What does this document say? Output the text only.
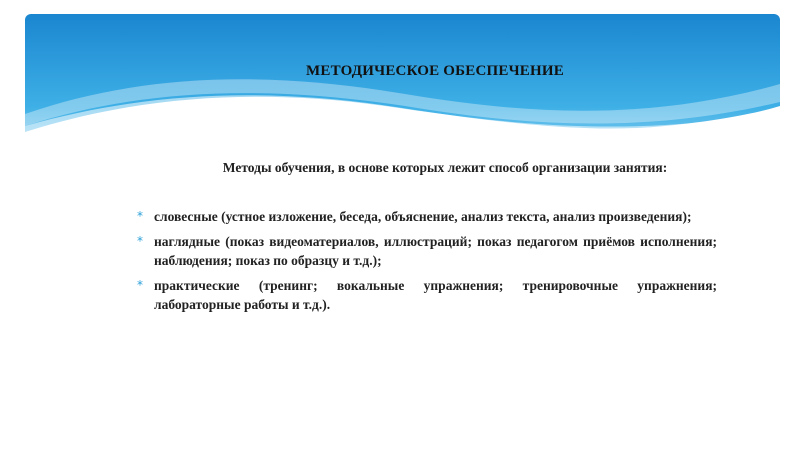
МЕТОДИЧЕСКОЕ ОБЕСПЕЧЕНИЕ
Методы обучения, в основе которых лежит способ организации занятия:
* словесные (устное изложение, беседа, объяснение, анализ текста, анализ произведения);
* наглядные (показ видеоматериалов, иллюстраций; показ педагогом приёмов исполнения; наблюдения; показ по образцу и т.д.);
* практические (тренинг; вокальные упражнения; тренировочные упражнения; лабораторные работы и т.д.).
